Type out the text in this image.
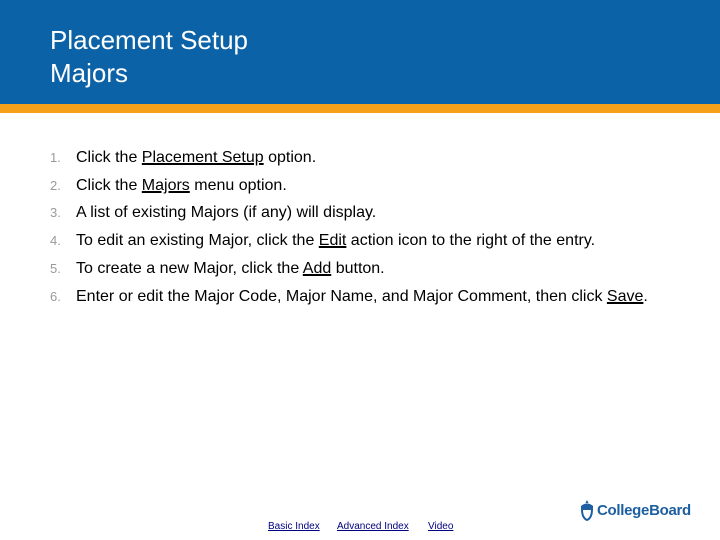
Placement Setup
Majors
1. Click the Placement Setup option.
2. Click the Majors menu option.
3. A list of existing Majors (if any) will display.
4. To edit an existing Major, click the Edit action icon to the right of the entry.
5. To create a new Major, click the Add button.
6. Enter or edit the Major Code, Major Name, and Major Comment, then click Save.
Basic Index Advanced Index Video
CollegeBoard
